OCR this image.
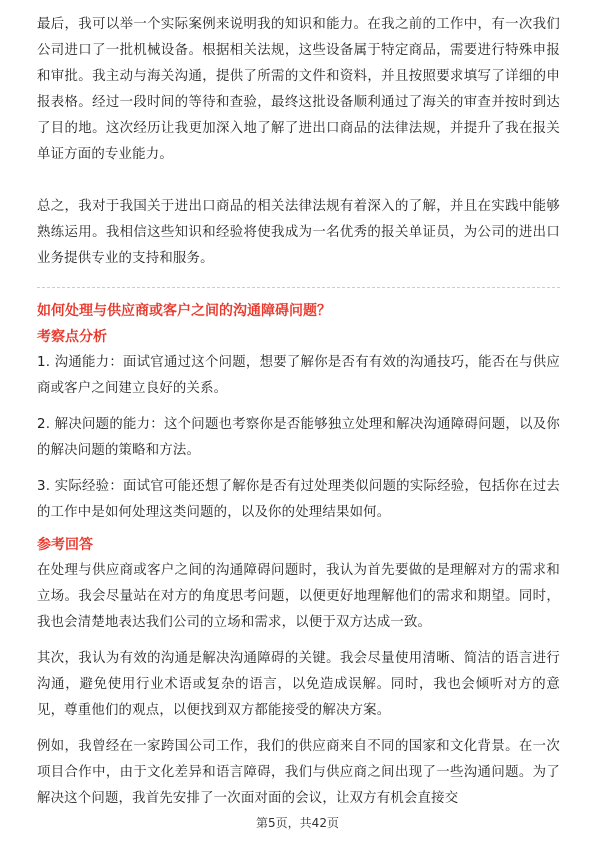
最后，我可以举一个实际案例来说明我的知识和能力。在我之前的工作中，有一次我们公司进口了一批机械设备。根据相关法规，这些设备属于特定商品，需要进行特殊申报和审批。我主动与海关沟通，提供了所需的文件和资料，并且按照要求填写了详细的申报表格。经过一段时间的等待和查验，最终这批设备顺利通过了海关的审查并按时到达了目的地。这次经历让我更加深入地了解了进出口商品的法律法规，并提升了我在报关单证方面的专业能力。

总之，我对于我国关于进出口商品的相关法律法规有着深入的了解，并且在实践中能够熟练运用。我相信这些知识和经验将使我成为一名优秀的报关单证员，为公司的进出口业务提供专业的支持和服务。

如何处理与供应商或客户之间的沟通障碍问题？

考察点分析

1. 沟通能力：面试官通过这个问题，想要了解你是否有有效的沟通技巧，能否在与供应商或客户之间建立良好的关系。

2. 解决问题的能力：这个问题也考察你是否能够独立处理和解决沟通障碍问题，以及你的解决问题的策略和方法。

3. 实际经验：面试官可能还想了解你是否有过处理类似问题的实际经验，包括你在过去的工作中是如何处理这类问题的，以及你的处理结果如何。

参考回答

在处理与供应商或客户之间的沟通障碍问题时，我认为首先要做的是理解对方的需求和立场。我会尽量站在对方的角度思考问题，以便更好地理解他们的需求和期望。同时，我也会清楚地表达我们公司的立场和需求，以便于双方达成一致。

其次，我认为有效的沟通是解决沟通障碍的关键。我会尽量使用清晰、简洁的语言进行沟通，避免使用行业术语或复杂的语言，以免造成误解。同时，我也会倾听对方的意见，尊重他们的观点，以便找到双方都能接受的解决方案。

例如，我曾经在一家跨国公司工作，我们的供应商来自不同的国家和文化背景。在一次项目合作中，由于文化差异和语言障碍，我们与供应商之间出现了一些沟通问题。为了解决这个问题，我首先安排了一次面对面的会议，让双方有机会直接交

第5页，共42页
